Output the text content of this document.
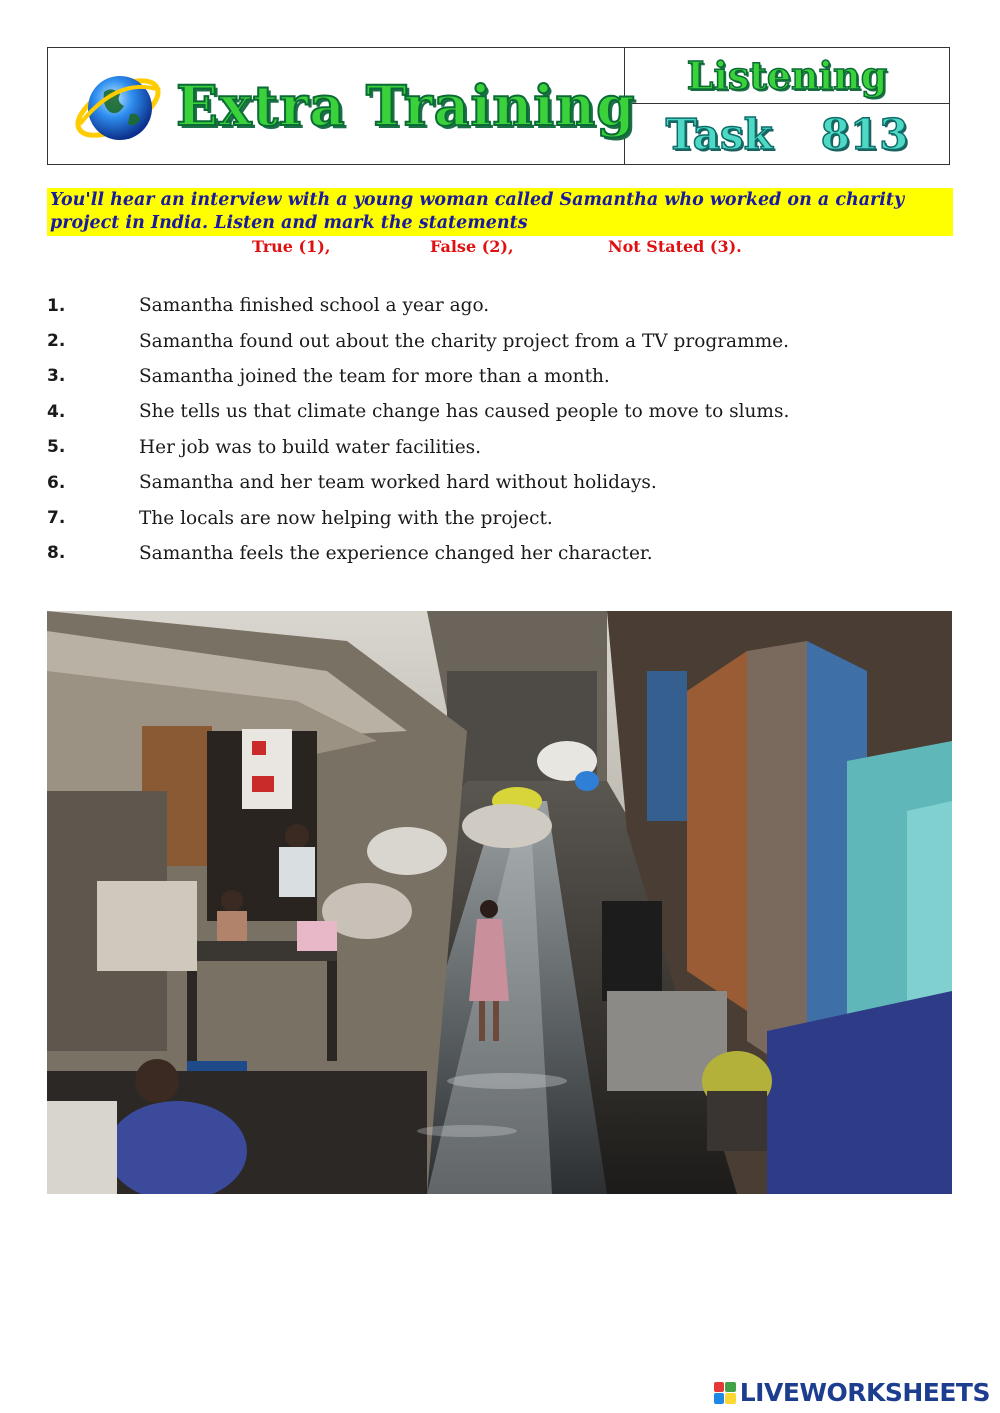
Extra Training Listening
Task 813
You'll hear an interview with a young woman called Samantha who worked on a charity project in India. Listen and mark the statements
True (1),	False (2),	Not Stated (3).
1.	Samantha finished school a year ago.
2.	Samantha found out about the charity project from a TV programme.
3.	Samantha joined the team for more than a month.
4.	She tells us that climate change has caused people to move to slums.
5.	Her job was to build water facilities.
6.	Samantha and her team worked hard without holidays.
7.	The locals are now helping with the project.
8.	Samantha feels the experience changed her character.
LIVEWORKSHEETS
